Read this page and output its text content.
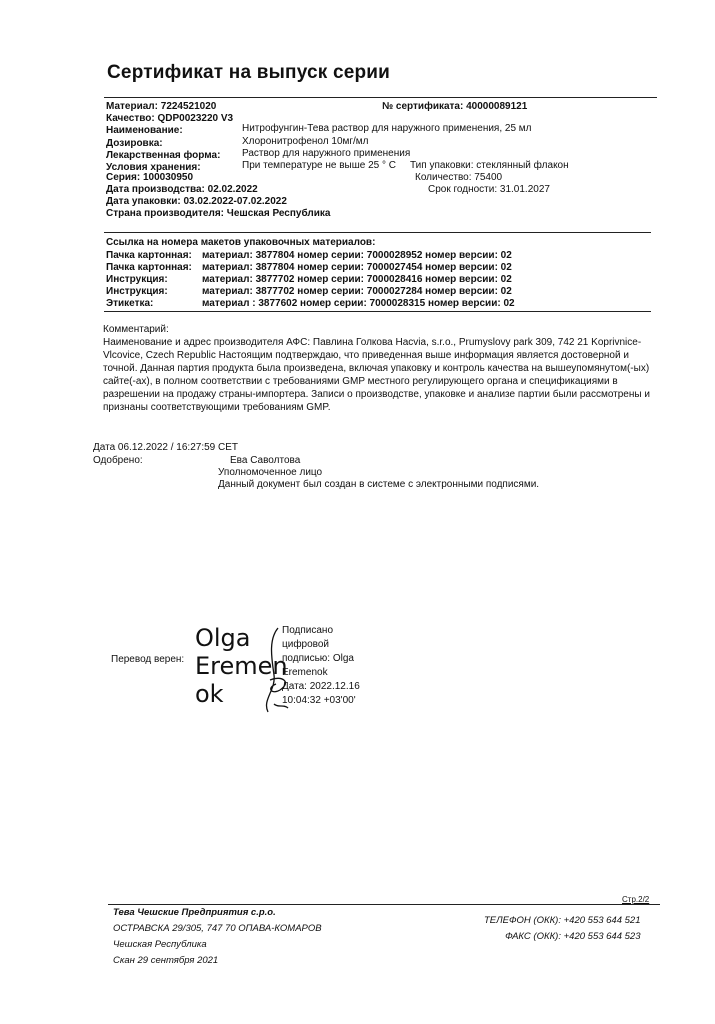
Сертификат на выпуск серии
Материал: 7224521020	№ сертификата: 40000089121
Качество: QDP0023220 V3
Наименование:	Нитрофунгин-Тева раствор для наружного применения, 25 мл
Дозировка:	Хлоронитрофенол 10мг/мл
Лекарственная форма: Раствор для наружного применения
Условия хранения:	При температуре не выше 25 ° С Тип упаковки: стеклянный флакон
Серия: 100030950	Количество: 75400
Дата производства: 02.02.2022	Срок годности: 31.01.2027
Дата упаковки: 03.02.2022-07.02.2022
Страна производителя: Чешская Республика
Ссылка на номера макетов упаковочных материалов:
Пачка картонная: материал: 3877804 номер серии: 7000028952 номер версии: 02
Пачка картонная: материал: 3877804 номер серии: 7000027454 номер версии: 02
Инструкция:	материал: 3877702 номер серии: 7000028416 номер версии: 02
Инструкция:	материал: 3877702 номер серии: 7000027284 номер версии: 02
Этикетка:	материал : 3877602 номер серии: 7000028315 номер версии: 02
Комментарий:
Наименование и адрес производителя АФС: Павлина Голкова Hacvia, s.r.o., Prumyslovy park 309, 742 21 Koprivnice-Vlcovice, Czech Republic Настоящим подтверждаю, что приведенная выше информация является достоверной и точной. Данная партия продукта была произведена, включая упаковку и контроль качества на вышеупомянутом(-ых) сайте(-ах), в полном соответствии с требованиями GMP местного регулирующего органа и спецификациями в разрешении на продажу страны-импортера. Записи о производстве, упаковке и анализе партии были рассмотрены и признаны соответствующими требованиям GMP.
Дата 06.12.2022 / 16:27:59 CET
Одобрено:	Ева Саволтова
Уполномоченное лицо
Данный документ был создан в системе с электронными подписями.
Перевод верен:
Olga
Eremen
ok
Подписано
цифровой
подписью: Olga
Eremenok
Дата: 2022.12.16
10:04:32 +03'00'
Стр.2/2
Тева Чешские Предприятия с.р.о.
ОСТРАВСКА 29/305, 747 70 ОПАВА-КОМАРОВ
Чешская Республика
Скан 29 сентября 2021
ТЕЛЕФОН (ОКК): +420 553 644 521
ФАКС (ОКК): +420 553 644 523
